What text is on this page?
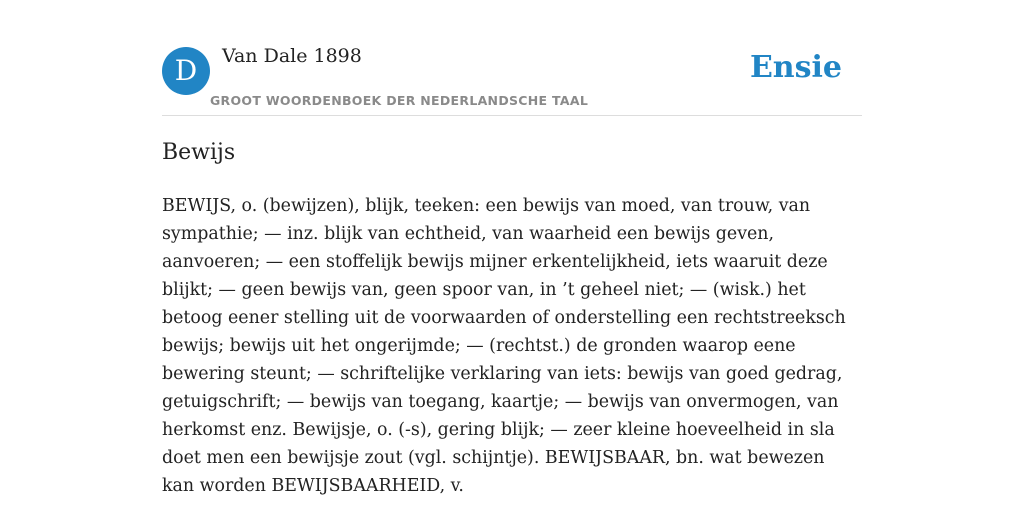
D	Van Dale 1898
GROOT WOORDENBOEK DER NEDERLANDSCHE TAAL
Ensie
Bewijs

BEWIJS, o. (bewijzen), blijk, teeken: een bewijs van moed, van trouw, van sympathie; — inz. blijk van echtheid, van waarheid een bewijs geven, aanvoeren; — een stoffelijk bewijs mijner erkentelijkheid, iets waaruit deze blijkt; — geen bewijs van, geen spoor van, in ’t geheel niet; — (wisk.) het betoog eener stelling uit de voorwaarden of onderstelling een rechtstreeksch bewijs; bewijs uit het ongerijmde; — (rechtst.) de gronden waarop eene bewering steunt; — schriftelijke verklaring van iets: bewijs van goed gedrag, getuigschrift; — bewijs van toegang, kaartje; — bewijs van onvermogen, van herkomst enz. Bewijsje, o. (-s), gering blijk; — zeer kleine hoeveelheid in sla doet men een bewijsje zout (vgl. schijntje). BEWIJSBAAR, bn. wat bewezen kan worden BEWIJSBAARHEID, v.
